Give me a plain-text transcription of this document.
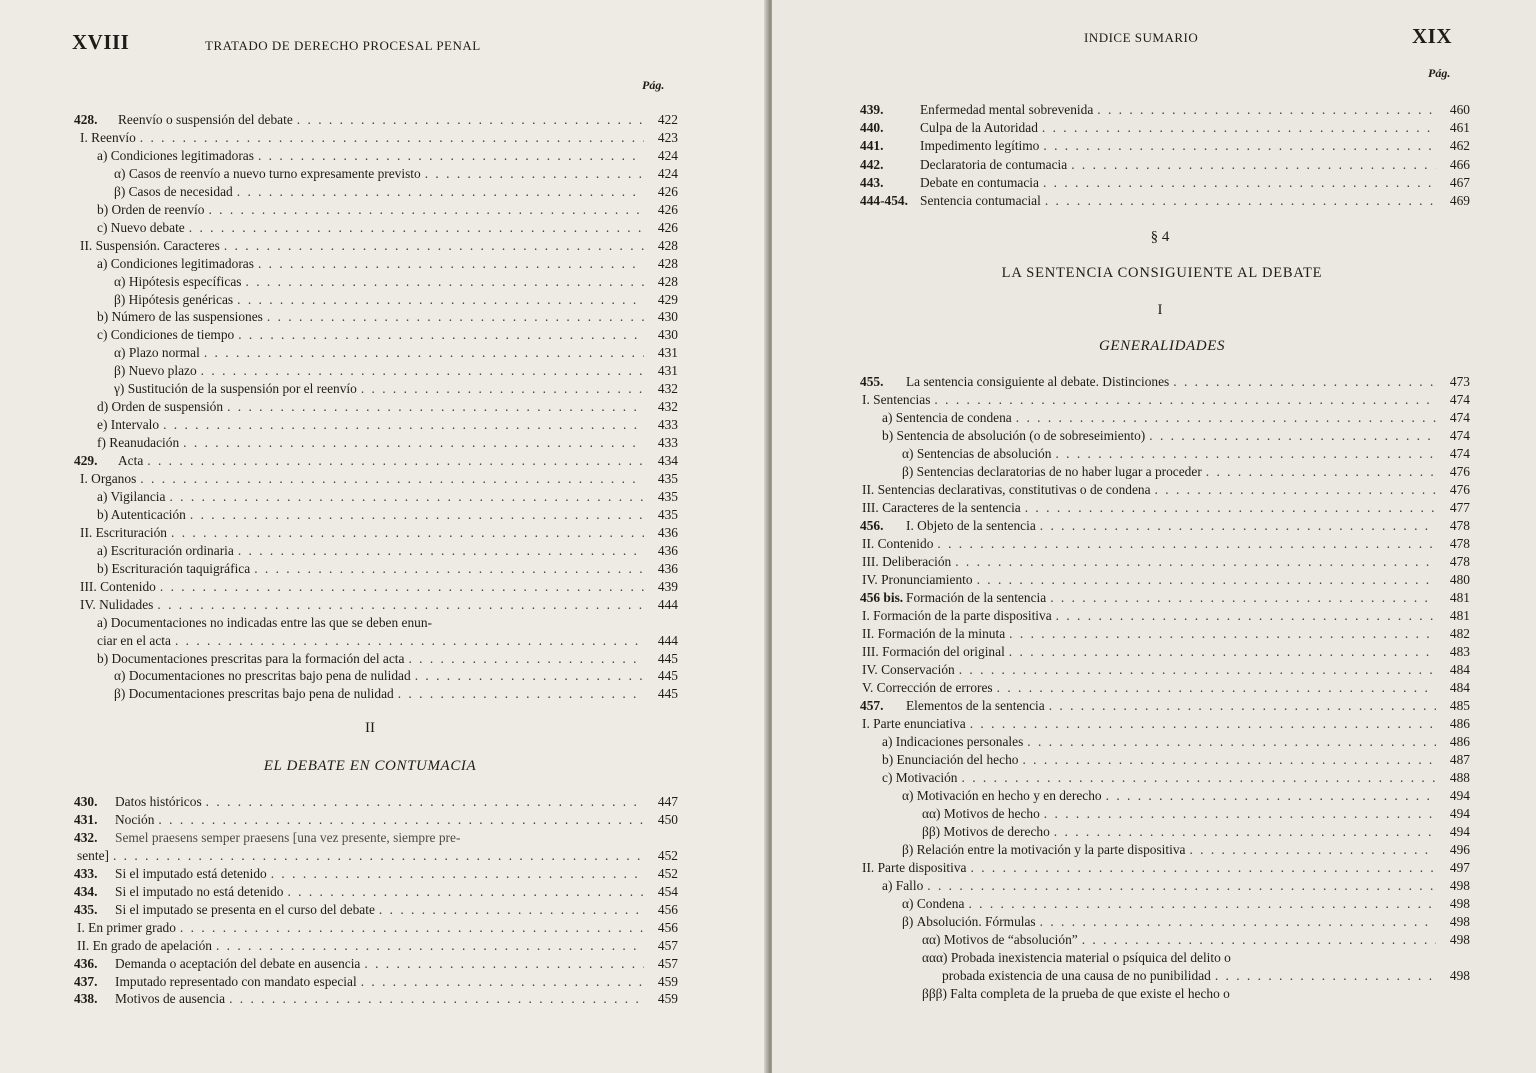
XVIII	TRATADO DE DERECHO PROCESAL PENAL
Pág.
428.	Reenvío o suspensión del debate . . .	422
I. Reenvío . . .	423
a) Condiciones legitimadoras . . .	424
α) Casos de reenvío a nuevo turno expresamente previsto . . .	424
β) Casos de necesidad . . .	426
b) Orden de reenvío . . .	426
c) Nuevo debate . . .	426
II. Suspensión. Caracteres . . .	428
a) Condiciones legitimadoras . . .	428
α) Hipótesis específicas . . .	428
β) Hipótesis genéricas . . .	429
b) Número de las suspensiones . . .	430
c) Condiciones de tiempo . . .	430
α) Plazo normal . . .	431
β) Nuevo plazo . . .	431
γ) Sustitución de la suspensión por el reenvío . . .	432
d) Orden de suspensión . . .	432
e) Intervalo . . .	433
f) Reanudación . . .	433
429.	Acta . . .	434
I. Organos . . .	435
a) Vigilancia . . .	435
b) Autenticación . . .	435
II. Escrituración . . .	436
a) Escrituración ordinaria . . .	436
b) Escrituración taquigráfica . . .	436
III. Contenido . . .	439
IV. Nulidades . . .	444
a) Documentaciones no indicadas entre las que se deben enun-
ciar en el acta . . .	444
b) Documentaciones prescritas para la formación del acta . . .	445
α) Documentaciones no prescritas bajo pena de nulidad . . .	445
β) Documentaciones prescritas bajo pena de nulidad . . .	445
430.	Datos históricos . . .	447
431.	Noción . . .	450
432.	Semel praesens semper praesens [una vez presente, siempre pre-
sente] . . .	452
433.	Si el imputado está detenido . . .	452
434.	Si el imputado no está detenido . . .	454
435.	Si el imputado se presenta en el curso del debate . . .	456
I. En primer grado . . .	456
II. En grado de apelación . . .	457
436.	Demanda o aceptación del debate en ausencia . . .	457
437.	Imputado representado con mandato especial . . .	459
438.	Motivos de ausencia . . .	459
II
EL DEBATE EN CONTUMACIA
INDICE SUMARIO	XIX
Pág.
439.	Enfermedad mental sobrevenida . . .	460
440.	Culpa de la Autoridad . . .	461
441.	Impedimento legítimo . . .	462
442.	Declaratoria de contumacia . . .	466
443.	Debate en contumacia . . .	467
444-454. Sentencia contumacial . . .	469
455.	La sentencia consiguiente al debate. Distinciones . . .	473
I. Sentencias . . .	474
a) Sentencia de condena . . .	474
b) Sentencia de absolución (o de sobreseimiento) . . .	474
α) Sentencias de absolución . . .	474
β) Sentencias declaratorias de no haber lugar a proceder . . .	476
II. Sentencias declarativas, constitutivas o de condena . . .	476
III. Caracteres de la sentencia . . .	477
456.	I. Objeto de la sentencia . . .	478
II. Contenido . . .	478
III. Deliberación . . .	478
IV. Pronunciamiento . . .	480
456 bis. Formación de la sentencia . . .	481
I. Formación de la parte dispositiva . . .	481
II. Formación de la minuta . . .	482
III. Formación del original . . .	483
IV. Conservación . . .	484
V. Corrección de errores . . .	484
457.	Elementos de la sentencia . . .	485
I. Parte enunciativa . . .	486
a) Indicaciones personales . . .	486
b) Enunciación del hecho . . .	487
c) Motivación . . .	488
α) Motivación en hecho y en derecho . . .	494
αα) Motivos de hecho . . .	494
ββ) Motivos de derecho . . .	494
β) Relación entre la motivación y la parte dispositiva . . .	496
II. Parte dispositiva . . .	497
a) Fallo . . .	498
α) Condena . . .	498
β) Absolución. Fórmulas . . .	498
αα) Motivos de “absolución” . . .	498
ααα) Probada inexistencia material o psíquica del delito o
probada existencia de una causa de no punibilidad . . .	498
βββ) Falta completa de la prueba de que existe el hecho o
§ 4
LA SENTENCIA CONSIGUIENTE AL DEBATE
I
GENERALIDADES
